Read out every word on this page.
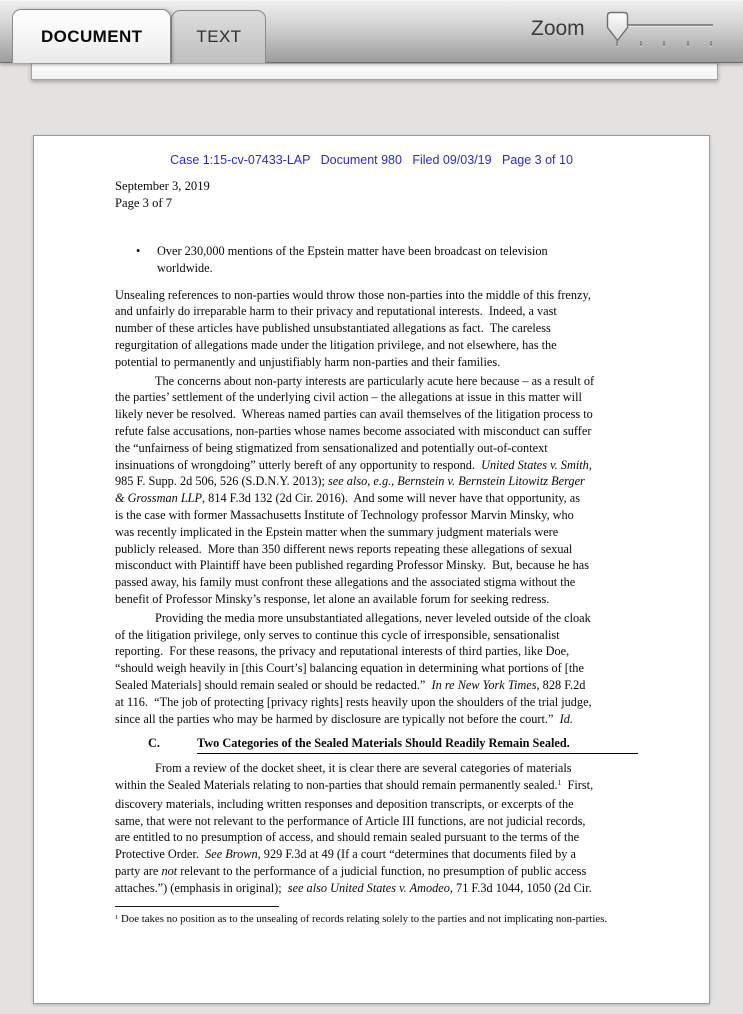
DOCUMENT	TEXT	Zoom
Case 1:15-cv-07433-LAP   Document 980   Filed 09/03/19   Page 3 of 10
September 3, 2019
Page 3 of 7
•	Over 230,000 mentions of the Epstein matter have been broadcast on television
worldwide.
Unsealing references to non-parties would throw those non-parties into the middle of this frenzy,
and unfairly do irreparable harm to their privacy and reputational interests.  Indeed, a vast
number of these articles have published unsubstantiated allegations as fact.  The careless
regurgitation of allegations made under the litigation privilege, and not elsewhere, has the
potential to permanently and unjustifiably harm non-parties and their families.
The concerns about non-party interests are particularly acute here because – as a result of
the parties’ settlement of the underlying civil action – the allegations at issue in this matter will
likely never be resolved.  Whereas named parties can avail themselves of the litigation process to
refute false accusations, non-parties whose names become associated with misconduct can suffer
the “unfairness of being stigmatized from sensationalized and potentially out-of-context
insinuations of wrongdoing” utterly bereft of any opportunity to respond.  United States v. Smith,
985 F. Supp. 2d 506, 526 (S.D.N.Y. 2013); see also, e.g., Bernstein v. Bernstein Litowitz Berger
& Grossman LLP, 814 F.3d 132 (2d Cir. 2016).  And some will never have that opportunity, as
is the case with former Massachusetts Institute of Technology professor Marvin Minsky, who
was recently implicated in the Epstein matter when the summary judgment materials were
publicly released.  More than 350 different news reports repeating these allegations of sexual
misconduct with Plaintiff have been published regarding Professor Minsky.  But, because he has
passed away, his family must confront these allegations and the associated stigma without the
benefit of Professor Minsky’s response, let alone an available forum for seeking redress.
Providing the media more unsubstantiated allegations, never leveled outside of the cloak
of the litigation privilege, only serves to continue this cycle of irresponsible, sensationalist
reporting.  For these reasons, the privacy and reputational interests of third parties, like Doe,
“should weigh heavily in [this Court’s] balancing equation in determining what portions of [the
Sealed Materials] should remain sealed or should be redacted.”  In re New York Times, 828 F.2d
at 116.  “The job of protecting [privacy rights] rests heavily upon the shoulders of the trial judge,
since all the parties who may be harmed by disclosure are typically not before the court.”  Id.
C.	Two Categories of the Sealed Materials Should Readily Remain Sealed.
From a review of the docket sheet, it is clear there are several categories of materials
within the Sealed Materials relating to non-parties that should remain permanently sealed.$^1$  First,
discovery materials, including written responses and deposition transcripts, or excerpts of the
same, that were not relevant to the performance of Article III functions, are not judicial records,
are entitled to no presumption of access, and should remain sealed pursuant to the terms of the
Protective Order.  See Brown, 929 F.3d at 49 (If a court “determines that documents filed by a
party are not relevant to the performance of a judicial function, no presumption of public access
attaches.”) (emphasis in original);  see also United States v. Amodeo, 71 F.3d 1044, 1050 (2d Cir.
$^1$ Doe takes no position as to the unsealing of records relating solely to the parties and not implicating non-parties.
